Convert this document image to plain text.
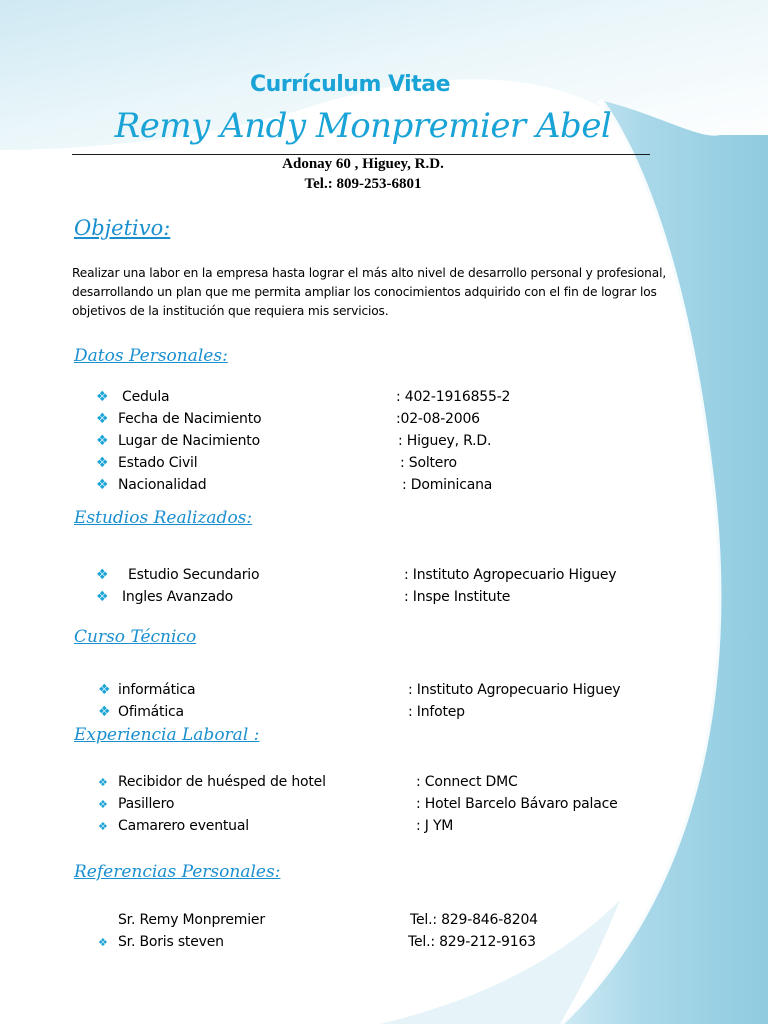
Currículum Vitae
Remy Andy Monpremier Abel
Adonay 60 , Higuey, R.D.
Tel.: 809-253-6801
Objetivo:
Realizar una labor en la empresa hasta lograr el más alto nivel de desarrollo personal y profesional, desarrollando un plan que me permita ampliar los conocimientos adquirido con el fin de lograr los objetivos de la institución que requiera mis servicios.
Datos Personales:
❖ Cedula	: 402-1916855-2
❖ Fecha de Nacimiento	:02-08-2006
❖ Lugar de Nacimiento	: Higuey, R.D.
❖ Estado Civil	: Soltero
❖ Nacionalidad	: Dominicana
Estudios Realizados:
❖ Estudio Secundario	: Instituto Agropecuario Higuey
❖ Ingles Avanzado	: Inspe Institute
Curso Técnico
❖ informática	: Instituto Agropecuario Higuey
❖ Ofimática	: Infotep
Experiencia Laboral :
❖ Recibidor de huésped de hotel	: Connect DMC
❖ Pasillero	: Hotel Barcelo Bávaro palace
❖ Camarero eventual	: J YM
Referencias Personales:
Sr. Remy Monpremier	Tel.: 829-846-8204
❖ Sr. Boris steven	Tel.: 829-212-9163
